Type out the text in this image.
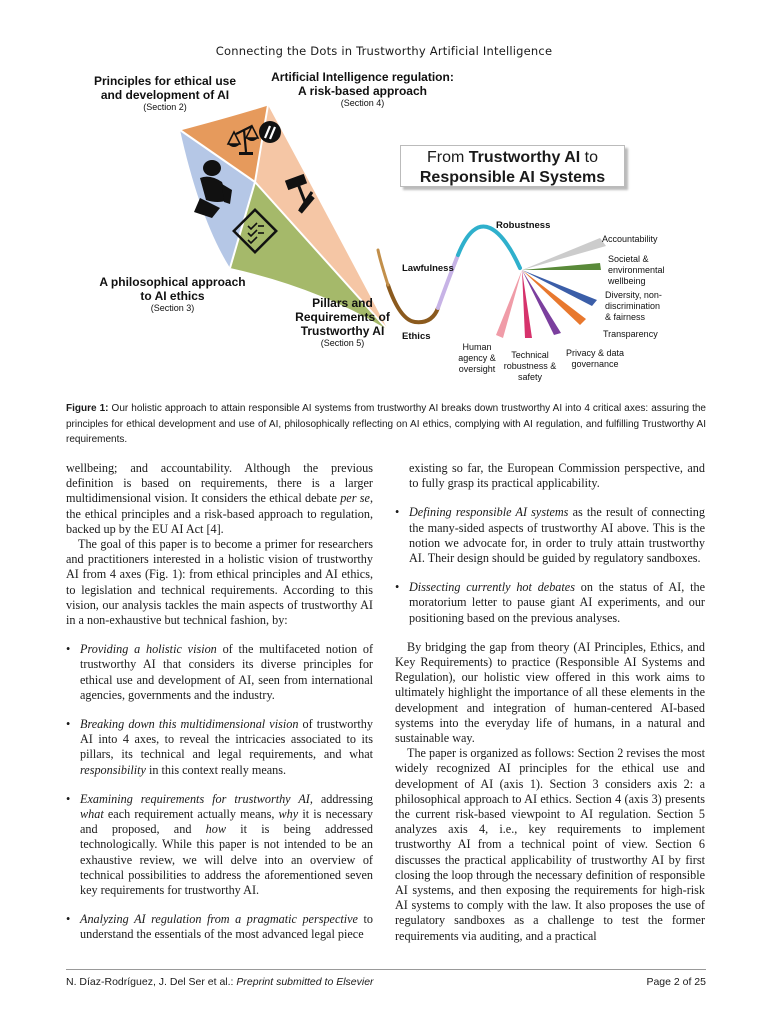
Connecting the Dots in Trustworthy Artificial Intelligence
Principles for ethical use
and development of AI
(Section 2)
Artificial Intelligence regulation:
A risk-based approach
(Section 4)
A philosophical approach
to AI ethics
(Section 3)	Pillars and
Requirements of
Trustworthy AI
(Section 5)
From Trustworthy AI to
Responsible AI Systems
Robustness
Lawfulness
Ethics
Accountability
Societal &
environmental
wellbeing
Diversity, non-
discrimination
& fairness
Transparency
Privacy & data
governance
Technical
robustness &
safety
Human
agency &
oversight
Figure 1: Our holistic approach to attain responsible AI systems from trustworthy AI breaks down trustworthy AI into 4 critical axes: assuring the principles for ethical development and use of AI, philosophically reflecting on AI ethics, complying with AI regulation, and fulfilling Trustworthy AI requirements.

wellbeing; and accountability. Although the previous definition is based on requirements, there is a larger multidimensional vision. It considers the ethical debate per se, the ethical principles and a risk-based approach to regulation, backed up by the EU AI Act [4].

The goal of this paper is to become a primer for researchers and practitioners interested in a holistic vision of trustworthy AI from 4 axes (Fig. 1): from ethical principles and AI ethics, to legislation and technical requirements. According to this vision, our analysis tackles the main aspects of trustworthy AI in a non-exhaustive but technical fashion, by:

• Providing a holistic vision of the multifaceted notion of trustworthy AI that considers its diverse principles for ethical use and development of AI, seen from international agencies, governments and the industry.
• Breaking down this multidimensional vision of trustworthy AI into 4 axes, to reveal the intricacies associated to its pillars, its technical and legal requirements, and what responsibility in this context really means.
• Examining requirements for trustworthy AI, addressing what each requirement actually means, why it is necessary and proposed, and how it is being addressed technologically. While this paper is not intended to be an exhaustive review, we will delve into an overview of technical possibilities to address the aforementioned seven key requirements for trustworthy AI.
• Analyzing AI regulation from a pragmatic perspective to understand the essentials of the most advanced legal piece

existing so far, the European Commission perspective, and to fully grasp its practical applicability.

• Defining responsible AI systems as the result of connecting the many-sided aspects of trustworthy AI above. This is the notion we advocate for, in order to truly attain trustworthy AI. Their design should be guided by regulatory sandboxes.
• Dissecting currently hot debates on the status of AI, the moratorium letter to pause giant AI experiments, and our positioning based on the previous analyses.

By bridging the gap from theory (AI Principles, Ethics, and Key Requirements) to practice (Responsible AI Systems and Regulation), our holistic view offered in this work aims to ultimately highlight the importance of all these elements in the development and integration of human-centered AI-based systems into the everyday life of humans, in a natural and sustainable way.

The paper is organized as follows: Section 2 revises the most widely recognized AI principles for the ethical use and development of AI (axis 1). Section 3 considers axis 2: a philosophical approach to AI ethics. Section 4 (axis 3) presents the current risk-based viewpoint to AI regulation. Section 5 analyzes axis 4, i.e., key requirements to implement trustworthy AI from a technical point of view. Section 6 discusses the practical applicability of trustworthy AI by first closing the loop through the necessary definition of responsible AI systems, and then exposing the requirements for high-risk AI systems to comply with the law. It also proposes the use of regulatory sandboxes as a challenge to test the former requirements via auditing, and a practical

N. Díaz-Rodríguez, J. Del Ser et al.: Preprint submitted to Elsevier	Page 2 of 25
